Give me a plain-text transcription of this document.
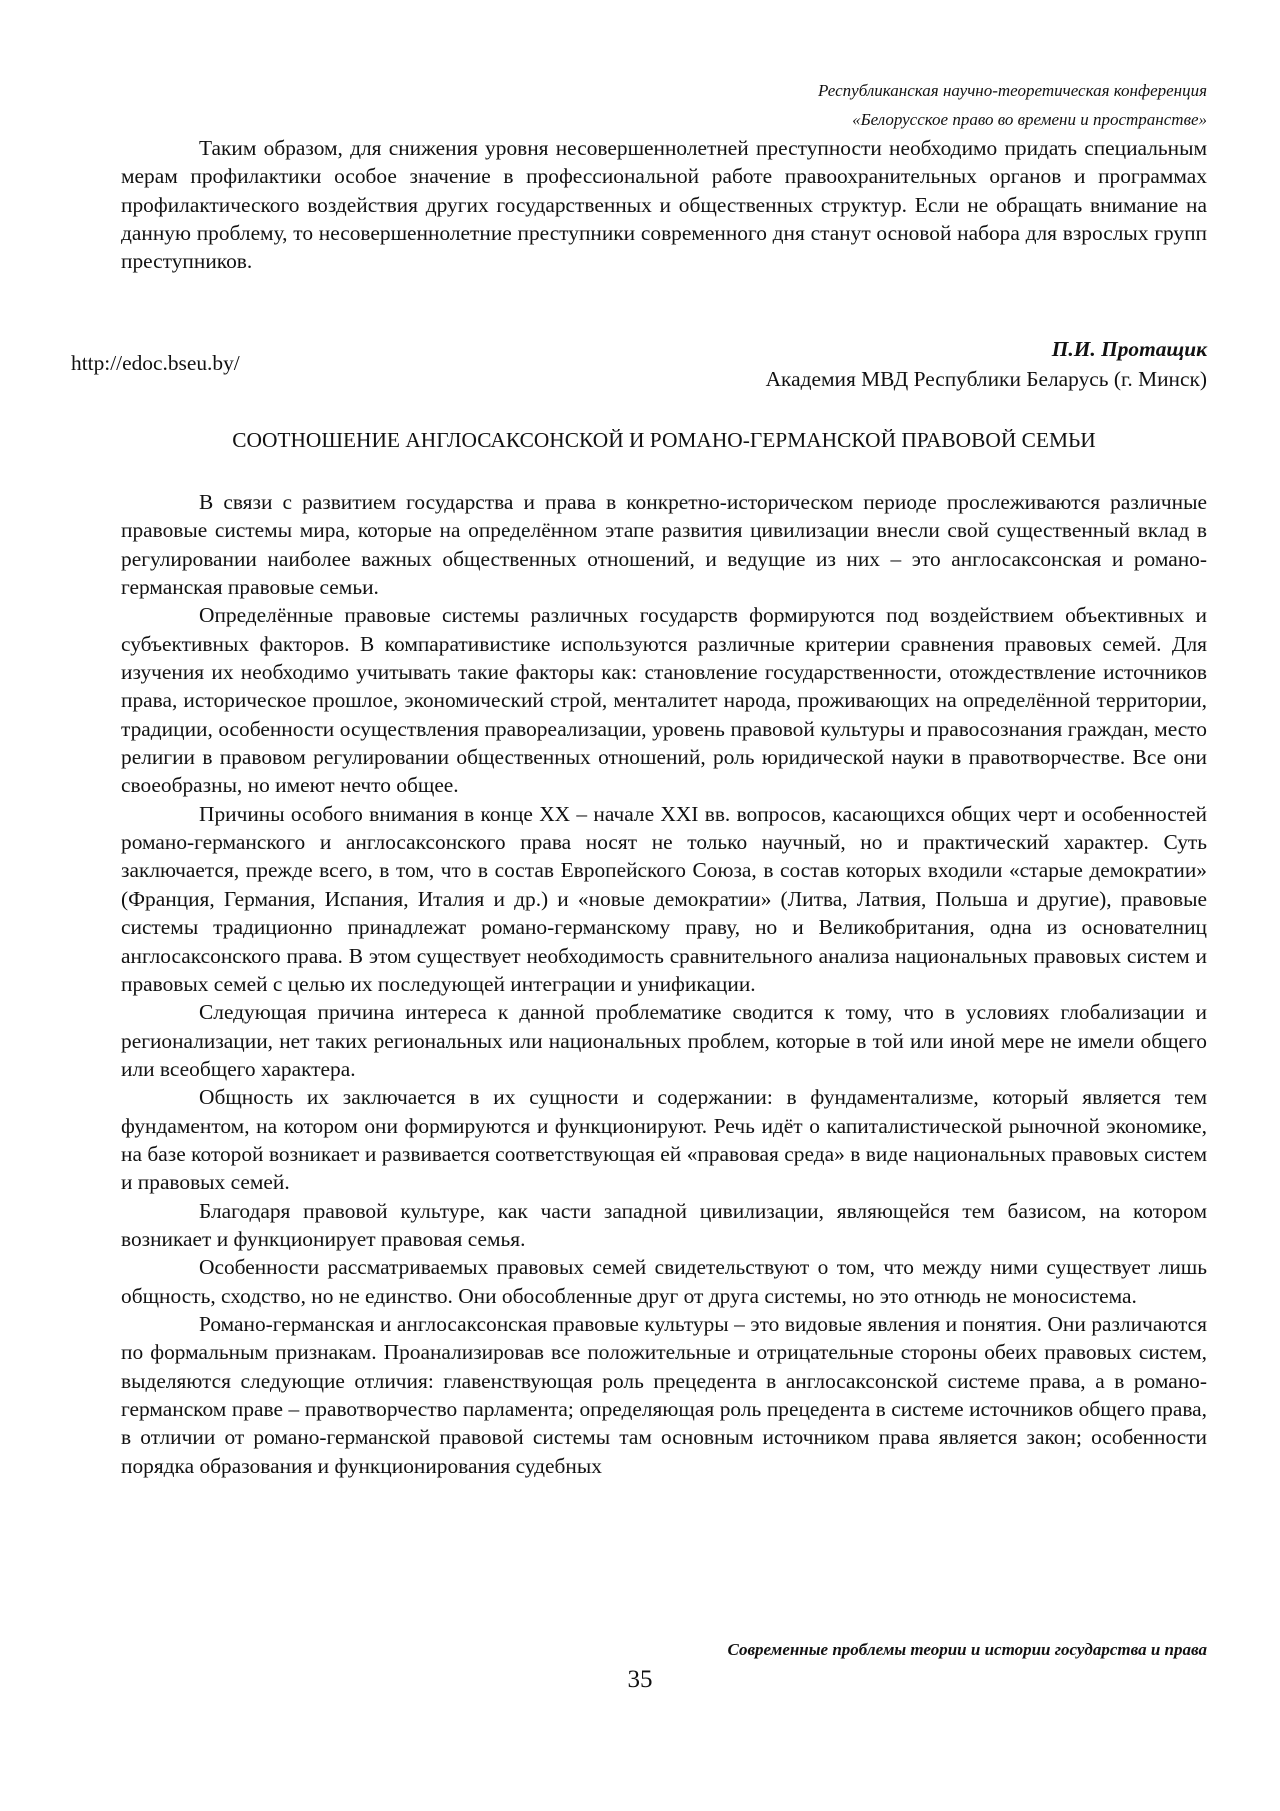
Республиканская научно-теоретическая конференция
«Белорусское право во времени и пространстве»

Таким образом, для снижения уровня несовершеннолетней преступности необходимо придать специальным мерам профилактики особое значение в профессиональной работе правоохранительных органов и программах профилактического воздействия других государственных и общественных структур. Если не обращать внимание на данную проблему, то несовершеннолетние преступники современного дня станут основой набора для взрослых групп преступников.

http://edoc.bseu.by/
П.И. Протащик
Академия МВД Республики Беларусь (г. Минск)
СООТНОШЕНИЕ АНГЛОСАКСОНСКОЙ И РОМАНО-ГЕРМАНСКОЙ ПРАВОВОЙ СЕМЬИ

В связи с развитием государства и права в конкретно-историческом периоде прослеживаются различные правовые системы мира, которые на определённом этапе развития цивилизации внесли свой существенный вклад в регулировании наиболее важных общественных отношений, и ведущие из них – это англосаксонская и романо-германская правовые семьи.

Определённые правовые системы различных государств формируются под воздействием объективных и субъективных факторов. В компаративистике используются различные критерии сравнения правовых семей. Для изучения их необходимо учитывать такие факторы как: становление государственности, отождествление источников права, историческое прошлое, экономический строй, менталитет народа, проживающих на определённой территории, традиции, особенности осуществления правореализации, уровень правовой культуры и правосознания граждан, место религии в правовом регулировании общественных отношений, роль юридической науки в правотворчестве. Все они своеобразны, но имеют нечто общее.

Причины особого внимания в конце XX – начале XXI вв. вопросов, касающихся общих черт и особенностей романо-германского и англосаксонского права носят не только научный, но и практический характер. Суть заключается, прежде всего, в том, что в состав Европейского Союза, в состав которых входили «старые демократии» (Франция, Германия, Испания, Италия и др.) и «новые демократии» (Литва, Латвия, Польша и другие), правовые системы традиционно принадлежат романо-германскому праву, но и Великобритания, одна из основателниц англосаксонского права. В этом существует необходимость сравнительного анализа национальных правовых систем и правовых семей с целью их последующей интеграции и унификации.

Следующая причина интереса к данной проблематике сводится к тому, что в условиях глобализации и регионализации, нет таких региональных или национальных проблем, которые в той или иной мере не имели общего или всеобщего характера.

Общность их заключается в их сущности и содержании: в фундаментализме, который является тем фундаментом, на котором они формируются и функционируют. Речь идёт о капиталистической рыночной экономике, на базе которой возникает и развивается соответствующая ей «правовая среда» в виде национальных правовых систем и правовых семей.

Благодаря правовой культуре, как части западной цивилизации, являющейся тем базисом, на котором возникает и функционирует правовая семья.

Особенности рассматриваемых правовых семей свидетельствуют о том, что между ними существует лишь общность, сходство, но не единство. Они обособленные друг от друга системы, но это отнюдь не моносистема.

Романо-германская и англосаксонская правовые культуры – это видовые явления и понятия. Они различаются по формальным признакам. Проанализировав все положительные и отрицательные стороны обеих правовых систем, выделяются следующие отличия: главенствующая роль прецедента в англосаксонской системе права, а в романо-германском праве – правотворчество парламента; определяющая роль прецедента в системе источников общего права, в отличии от романо-германской правовой системы там основным источником права является закон; особенности порядка образования и функционирования судебных

Современные проблемы теории и истории государства и права
35
